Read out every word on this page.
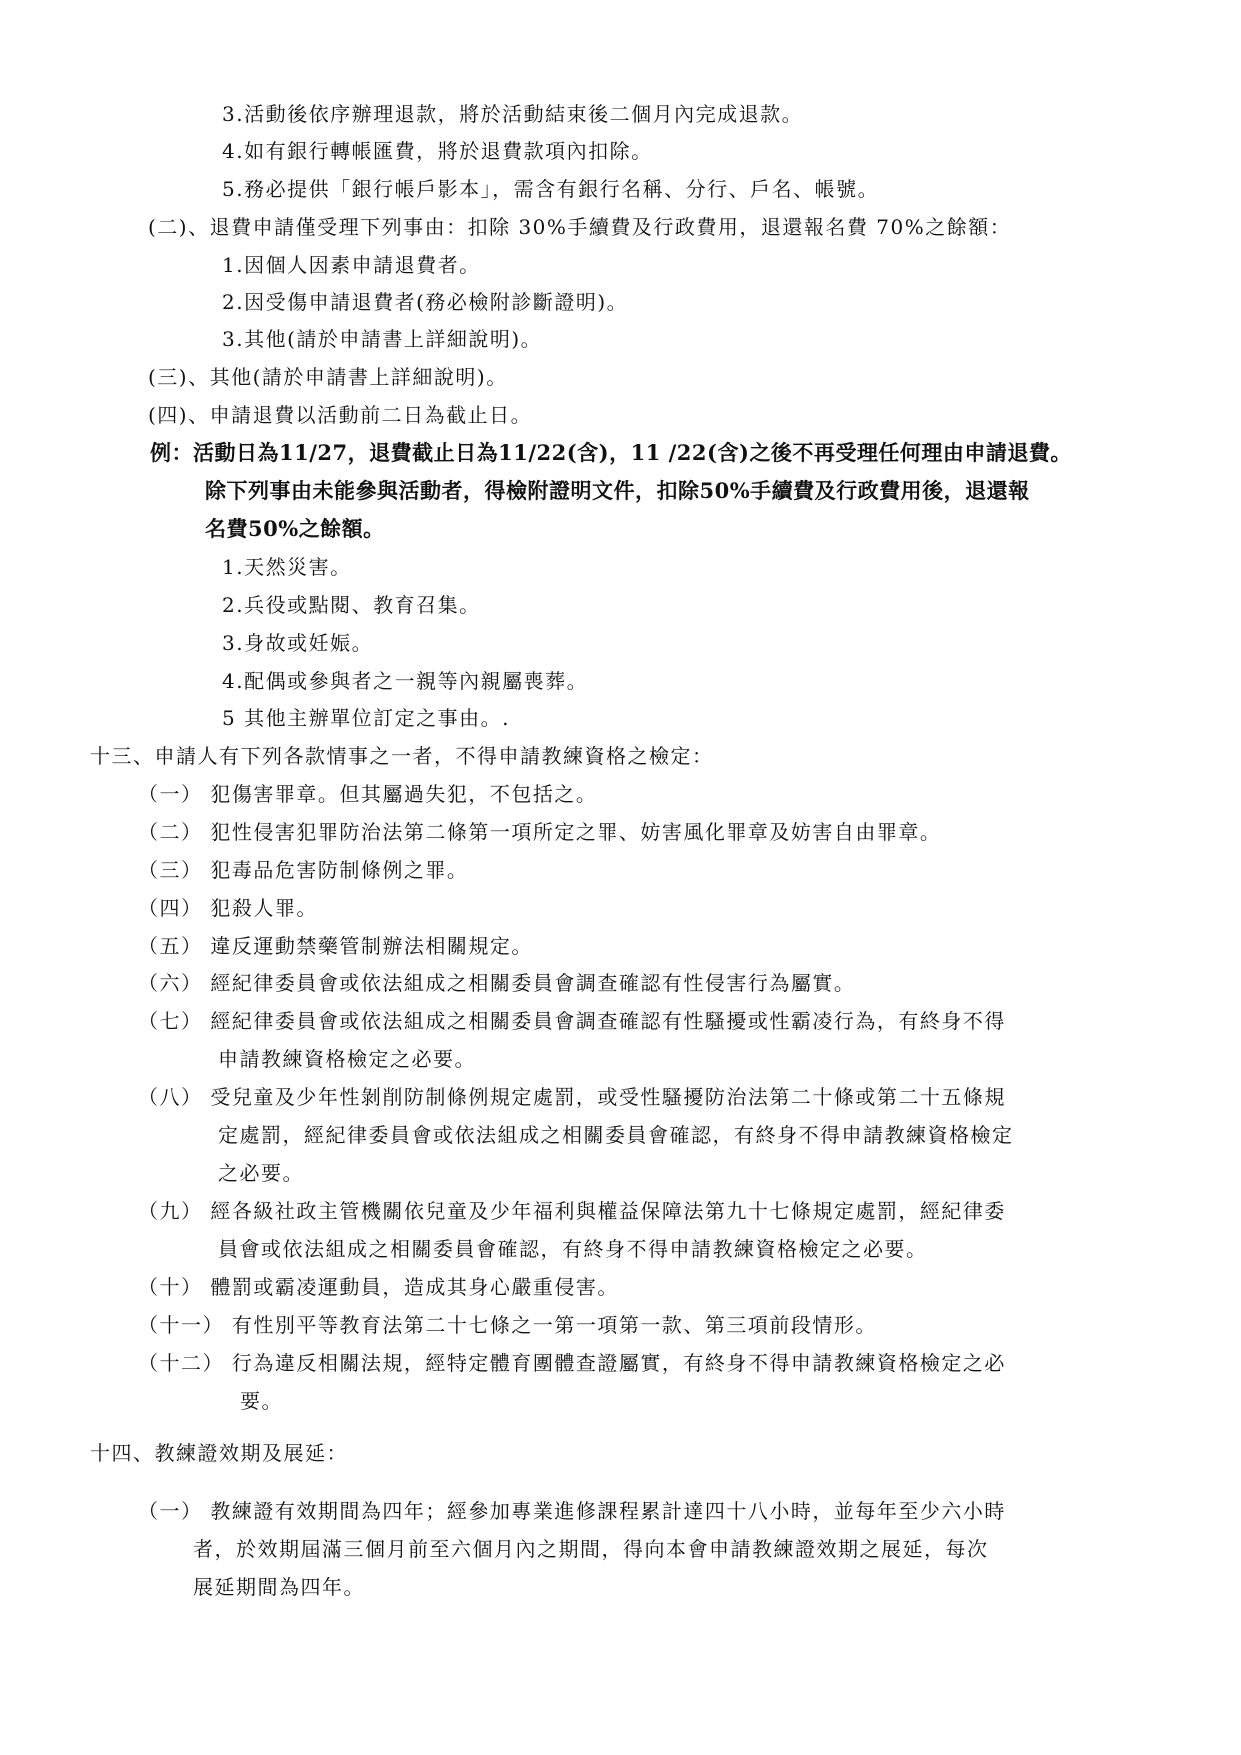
3.活動後依序辦理退款，將於活動結束後二個月內完成退款。
4.如有銀行轉帳匯費，將於退費款項內扣除。
5.務必提供「銀行帳戶影本」，需含有銀行名稱、分行、戶名、帳號。
(二)、退費申請僅受理下列事由：扣除 30%手續費及行政費用，退還報名費 70%之餘額：
1.因個人因素申請退費者。
2.因受傷申請退費者(務必檢附診斷證明)。
3.其他(請於申請書上詳細說明)。
(三)、其他(請於申請書上詳細說明)。
(四)、申請退費以活動前二日為截止日。
例：活動日為11/27，退費截止日為11/22(含)，11 /22(含)之後不再受理任何理由申請退費。
除下列事由未能參與活動者，得檢附證明文件，扣除50%手續費及行政費用後，退還報
名費50%之餘額。
1.天然災害。
2.兵役或點閱、教育召集。
3.身故或妊娠。
4.配偶或參與者之一親等內親屬喪葬。
5 其他主辦單位訂定之事由。.
十三、申請人有下列各款情事之一者，不得申請教練資格之檢定：
（一） 犯傷害罪章。但其屬過失犯，不包括之。
（二） 犯性侵害犯罪防治法第二條第一項所定之罪、妨害風化罪章及妨害自由罪章。
（三） 犯毒品危害防制條例之罪。
（四） 犯殺人罪。
（五） 違反運動禁藥管制辦法相關規定。
（六） 經紀律委員會或依法組成之相關委員會調查確認有性侵害行為屬實。
（七） 經紀律委員會或依法組成之相關委員會調查確認有性騷擾或性霸凌行為，有終身不得
申請教練資格檢定之必要。
（八） 受兒童及少年性剝削防制條例規定處罰，或受性騷擾防治法第二十條或第二十五條規
定處罰，經紀律委員會或依法組成之相關委員會確認，有終身不得申請教練資格檢定
之必要。
（九） 經各級社政主管機關依兒童及少年福利與權益保障法第九十七條規定處罰，經紀律委
員會或依法組成之相關委員會確認，有終身不得申請教練資格檢定之必要。
（十） 體罰或霸凌運動員，造成其身心嚴重侵害。
（十一） 有性別平等教育法第二十七條之一第一項第一款、第三項前段情形。
（十二） 行為違反相關法規，經特定體育團體查證屬實，有終身不得申請教練資格檢定之必
要。
十四、教練證效期及展延：
（一） 教練證有效期間為四年；經參加專業進修課程累計達四十八小時，並每年至少六小時
者，於效期屆滿三個月前至六個月內之期間，得向本會申請教練證效期之展延，每次
展延期間為四年。
